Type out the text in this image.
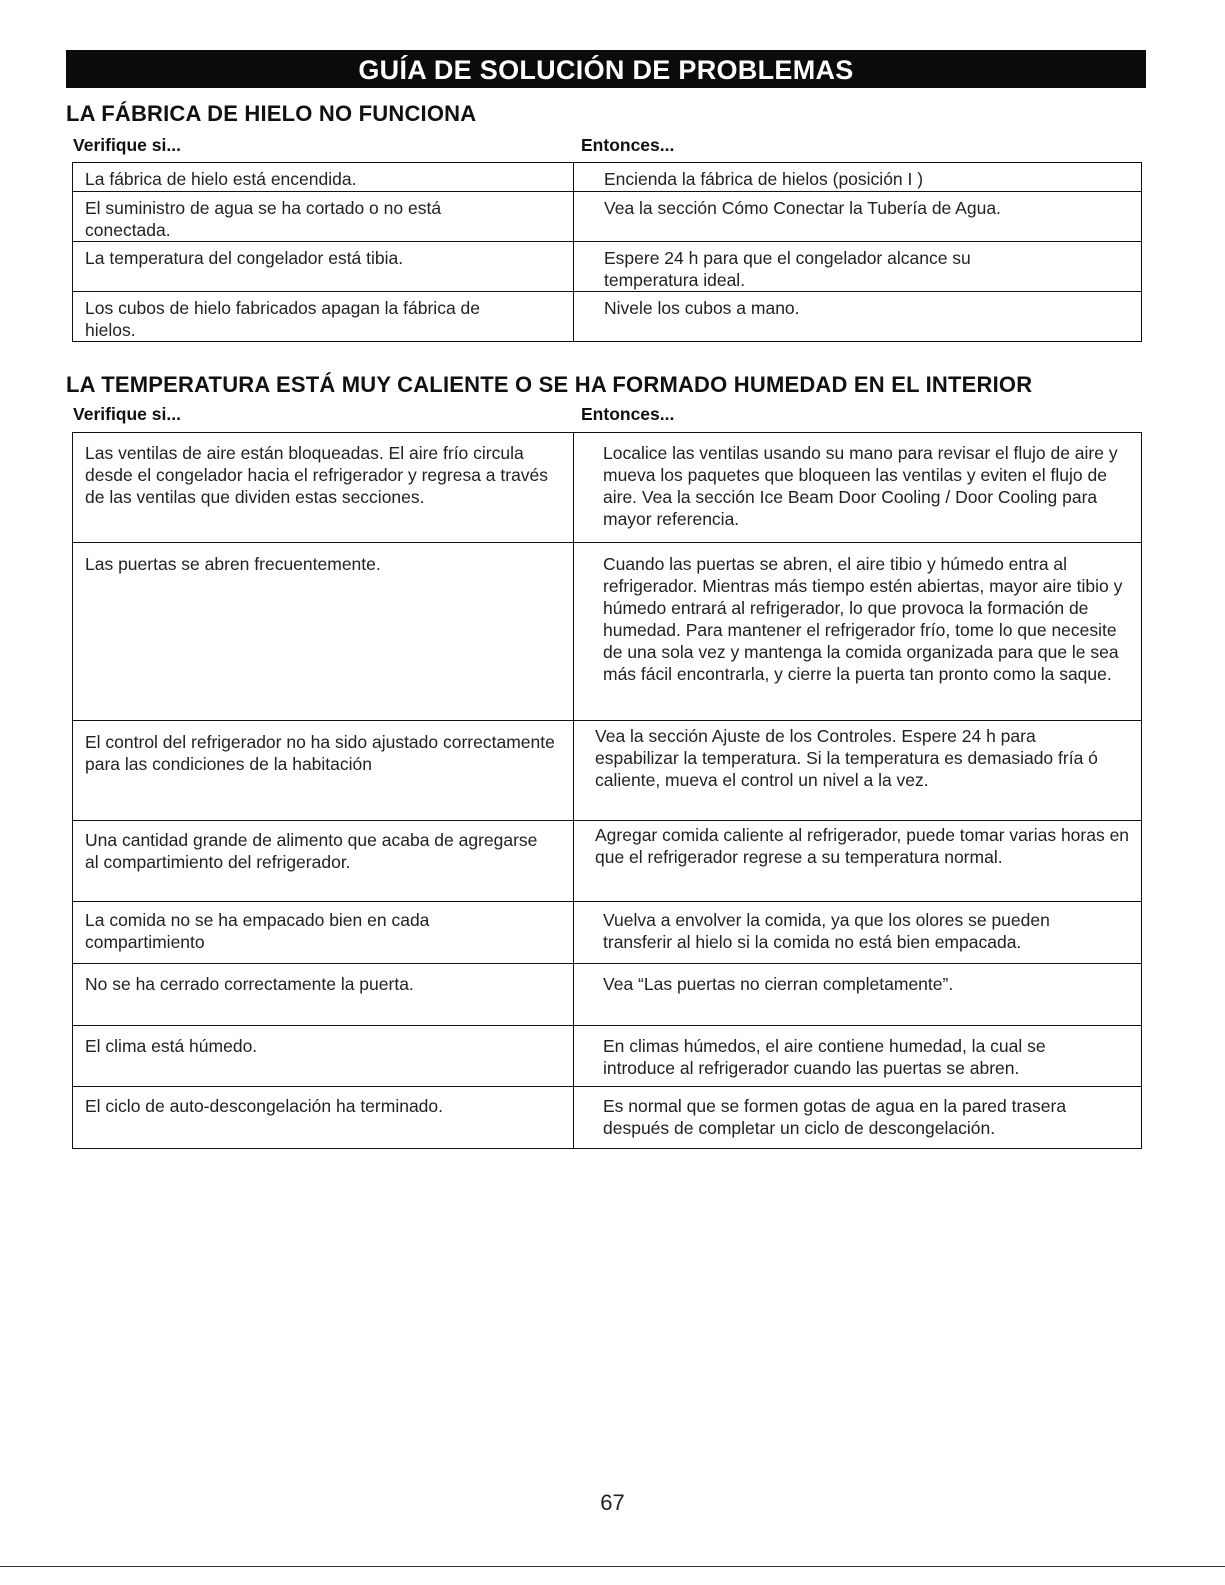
GUÍA DE SOLUCIÓN DE PROBLEMAS
LA FÁBRICA DE HIELO NO FUNCIONA
Verifique si...	Entonces...
La fábrica de hielo está encendida.	Encienda la fábrica de hielos (posición I )

El suministro de agua se ha cortado o no está conectada.	Vea la sección Cómo Conectar la Tubería de Agua.

La temperatura del congelador está tibia.	Espere 24 h para que el congelador alcance su temperatura ideal.

Los cubos de hielo fabricados apagan la fábrica de hielos.	Nivele los cubos a mano.
LA TEMPERATURA ESTÁ MUY CALIENTE O SE HA FORMADO HUMEDAD EN EL INTERIOR
Verifique si...	Entonces...
Las ventilas de aire están bloqueadas. El aire frío circula desde el congelador hacia el refrigerador y regresa a través de las ventilas que dividen estas secciones.	Localice las ventilas usando su mano para revisar el flujo de aire y mueva los paquetes que bloqueen las ventilas y eviten el flujo de aire. Vea la sección Ice Beam Door Cooling / Door Cooling para mayor referencia.

Las puertas se abren frecuentemente.	Cuando las puertas se abren, el aire tibio y húmedo entra al refrigerador. Mientras más tiempo estén abiertas, mayor aire tibio y húmedo entrará al refrigerador, lo que provoca la formación de humedad. Para mantener el refrigerador frío, tome lo que necesite de una sola vez y mantenga la comida organizada para que le sea más fácil encontrarla, y cierre la puerta tan pronto como la saque.

El control del refrigerador no ha sido ajustado correctamente para las condiciones de la habitación	Vea la sección Ajuste de los Controles. Espere 24 h para espabilizar la temperatura. Si la temperatura es demasiado fría ó caliente, mueva el control un nivel a la vez.

Una cantidad grande de alimento que acaba de agregarse al compartimiento del refrigerador.	Agregar comida caliente al refrigerador, puede tomar varias horas en que el refrigerador regrese a su temperatura normal.

La comida no se ha empacado bien en cada compartimiento	Vuelva a envolver la comida, ya que los olores se pueden transferir al hielo si la comida no está bien empacada.

No se ha cerrado correctamente la puerta.	Vea “Las puertas no cierran completamente”.

El clima está húmedo.	En climas húmedos, el aire contiene humedad, la cual se introduce al refrigerador cuando las puertas se abren.

El ciclo de auto-descongelación ha terminado.	Es normal que se formen gotas de agua en la pared trasera después de completar un ciclo de descongelación.
67
